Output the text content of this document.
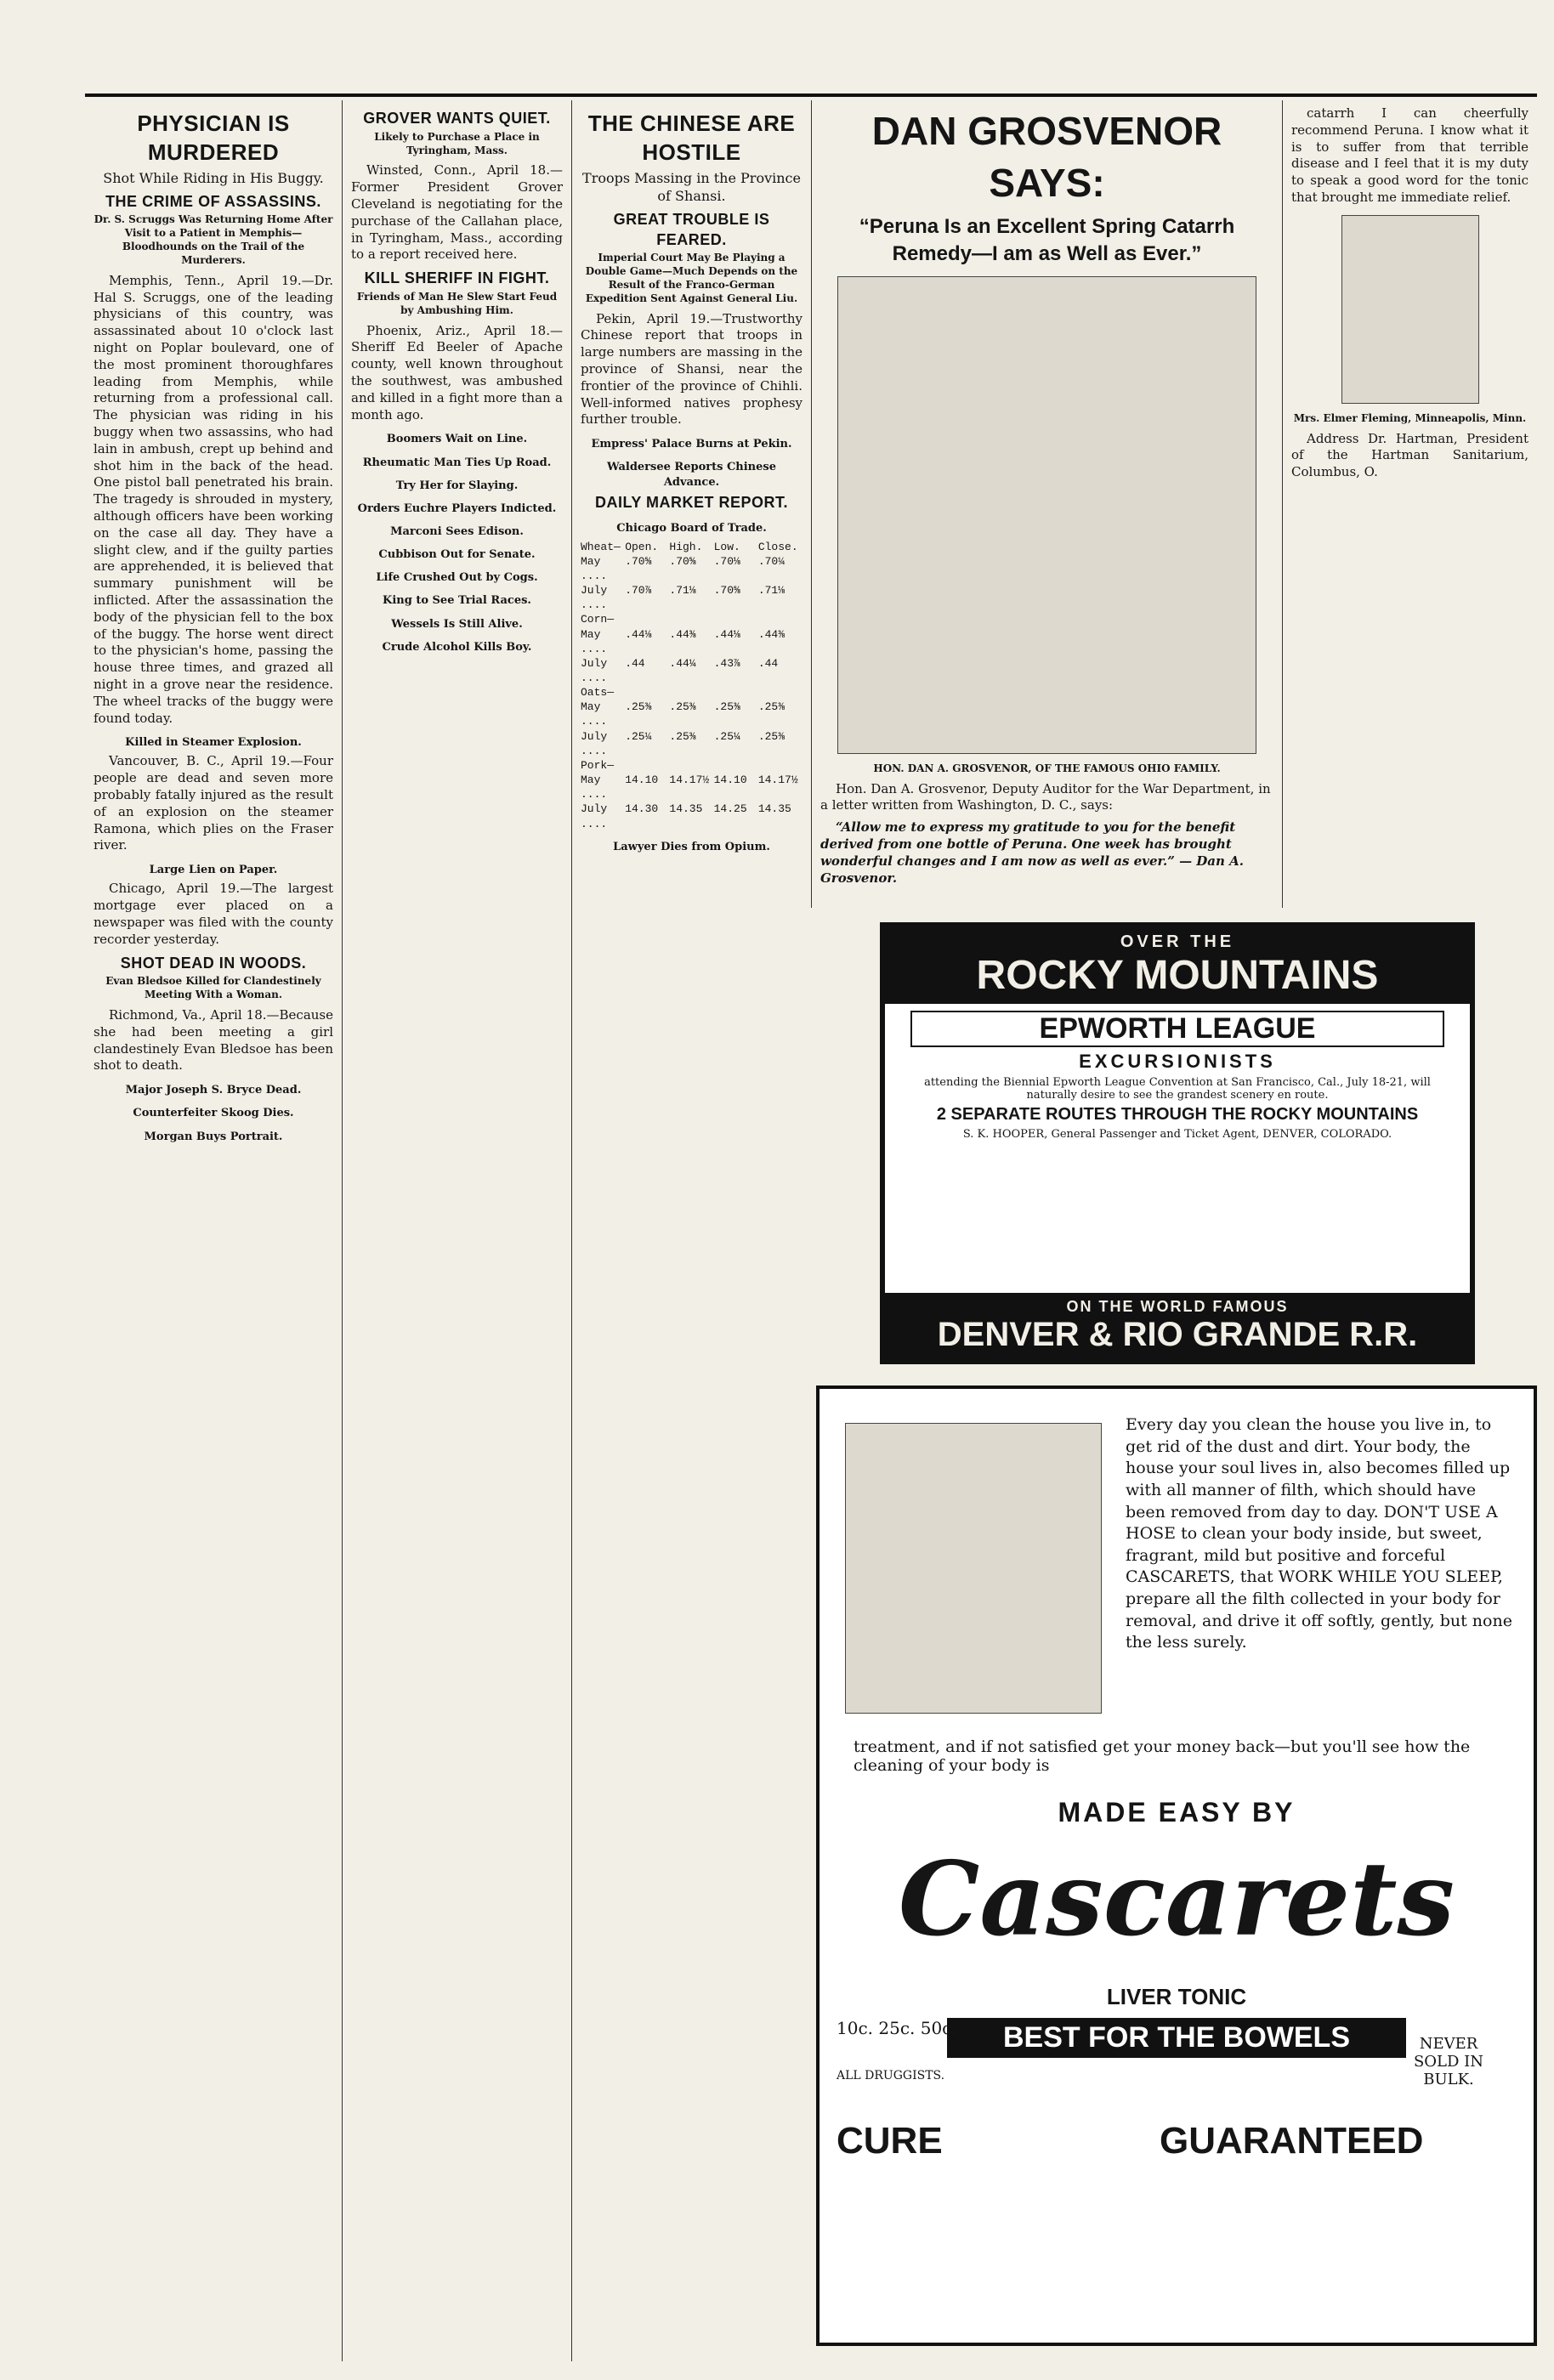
PHYSICIAN IS MURDERED
Shot While Riding in His Buggy.
THE CRIME OF ASSASSINS.
Dr. S. Scruggs Was Returning Home After Visit to a Patient in Memphis—Bloodhounds on the Trail of the Murderers.

Memphis, Tenn., April 19.—Dr. Hal S. Scruggs, one of the leading physicians of this country, was assassinated about 10 o'clock last night on Poplar boulevard, one of the most prominent thoroughfares leading from Memphis, while returning from a professional call. The physician was riding in his buggy when two assassins, who had lain in ambush, crept up behind and shot him in the back of the head. One pistol ball penetrated his brain. The tragedy is shrouded in mystery, although officers have been working on the case all day. They have a slight clew, and if the guilty parties are apprehended, it is believed that summary punishment will be inflicted. After the assassination the body of the physician fell to the box of the buggy. The horse went direct to the physician's home, passing the house three times, and grazed all night in a grove near the residence. The wheel tracks of the buggy were found today.

Killed in Steamer Explosion.

Vancouver, B. C., April 19.—Four people are dead and seven more probably fatally injured as the result of an explosion on the steamer Ramona, which plies on the Fraser river.

Large Lien on Paper.

Chicago, April 19.—The largest mortgage ever placed on a newspaper was filed with the county recorder yesterday.

SHOT DEAD IN WOODS.
Evan Bledsoe Killed for Clandestinely Meeting With a Woman.

Richmond, Va., April 18.—Because she had been meeting a girl clandestinely Evan Bledsoe has been shot to death.

Major Joseph S. Bryce Dead.
Counterfeiter Skoog Dies.
Morgan Buys Portrait.
GROVER WANTS QUIET.
Likely to Purchase a Place in Tyringham, Mass.

Winsted, Conn., April 18.—Former President Grover Cleveland is negotiating for the purchase of the Callahan place, in Tyringham, Mass., according to a report received here.

KILL SHERIFF IN FIGHT.
Friends of Man He Slew Start Feud by Ambushing Him.

Phoenix, Ariz., April 18.—Sheriff Ed Beeler of Apache county, well known throughout the southwest, was ambushed and killed in a fight more than a month ago.

Boomers Wait on Line.
Rheumatic Man Ties Up Road.
Try Her for Slaying.
Orders Euchre Players Indicted.
Marconi Sees Edison.
Cubbison Out for Senate.
Life Crushed Out by Cogs.
King to See Trial Races.
Wessels Is Still Alive.
Crude Alcohol Kills Boy.
THE CHINESE ARE HOSTILE
Troops Massing in the Province of Shansi.
GREAT TROUBLE IS FEARED.
Imperial Court May Be Playing a Double Game—Much Depends on the Result of the Franco-German Expedition Sent Against General Liu.

Pekin, April 19.—Trustworthy Chinese report that troops in large numbers are massing in the province of Shansi, near the frontier of the province of Chihli. Well-informed natives prophesy further trouble.

Empress' Palace Burns at Pekin.
Waldersee Reports Chinese Advance.
DAILY MARKET REPORT.
Chicago Board of Trade.
Wheat— Open.	High.	Low.	Close.
May ....
.70⅝	.70⅝	.70⅛	.70¼
July ....
.70⅞	.71⅛	.70⅝	.71⅛
Corn—
May ....
.44⅛	.44⅜	.44⅛	.44⅜
July ....
.44	.44¼	.43⅞	.44
Oats—
May ....
.25⅜	.25⅜	.25⅜	.25⅜
July ....
.25¼	.25⅜	.25¼	.25⅜
Pork—
May ....
14.10	14.17½ 14.10	14.17½
July ....
14.30	14.35	14.25	14.35
Lawyer Dies from Opium.
DAN GROSVENOR SAYS:
“Peruna Is an Excellent Spring Catarrh Remedy—I am as Well as Ever.”
HON. DAN A. GROSVENOR, OF THE FAMOUS OHIO FAMILY.

Hon. Dan A. Grosvenor, Deputy Auditor for the War Department, in a letter written from Washington, D. C., says:

“Allow me to express my gratitude to you for the benefit derived from one bottle of Peruna. One week has brought wonderful changes and I am now as well as ever.” — Dan A. Grosvenor.

catarrh I can cheerfully recommend Peruna. I know what it is to suffer from that terrible disease and I feel that it is my duty to speak a good word for the tonic that brought me immediate relief.

Mrs. Elmer Fleming, Minneapolis, Minn.

Address Dr. Hartman, President of the Hartman Sanitarium, Columbus, O.

OVER THE
ROCKY MOUNTAINS
EPWORTH LEAGUE
EXCURSIONISTS
attending the Biennial Epworth League Convention at San Francisco, Cal., July 18-21, will naturally desire to see the grandest scenery en route.
2 SEPARATE ROUTES THROUGH THE ROCKY MOUNTAINS
S. K. HOOPER, General Passenger and Ticket Agent, DENVER, COLORADO.
ON THE WORLD FAMOUS
DENVER & RIO GRANDE R.R.
Every day you clean the house you live in, to get rid of the dust and dirt. Your body, the house your soul lives in, also becomes filled up with all manner of filth, which should have been removed from day to day. DON'T USE A HOSE to clean your body inside, but sweet, fragrant, mild but positive and forceful CASCARETS, that WORK WHILE YOU SLEEP, prepare all the filth collected in your body for removal, and drive it off softly, gently, but none the less surely.
treatment, and if not satisfied get your money back—but you'll see how the cleaning of your body is
MADE EASY BY
Cascarets
LIVER TONIC
BEST FOR THE BOWELS
10c. 25c. 50c.
ALL DRUGGISTS.
NEVER SOLD IN BULK.
CURE	GUARANTEED
